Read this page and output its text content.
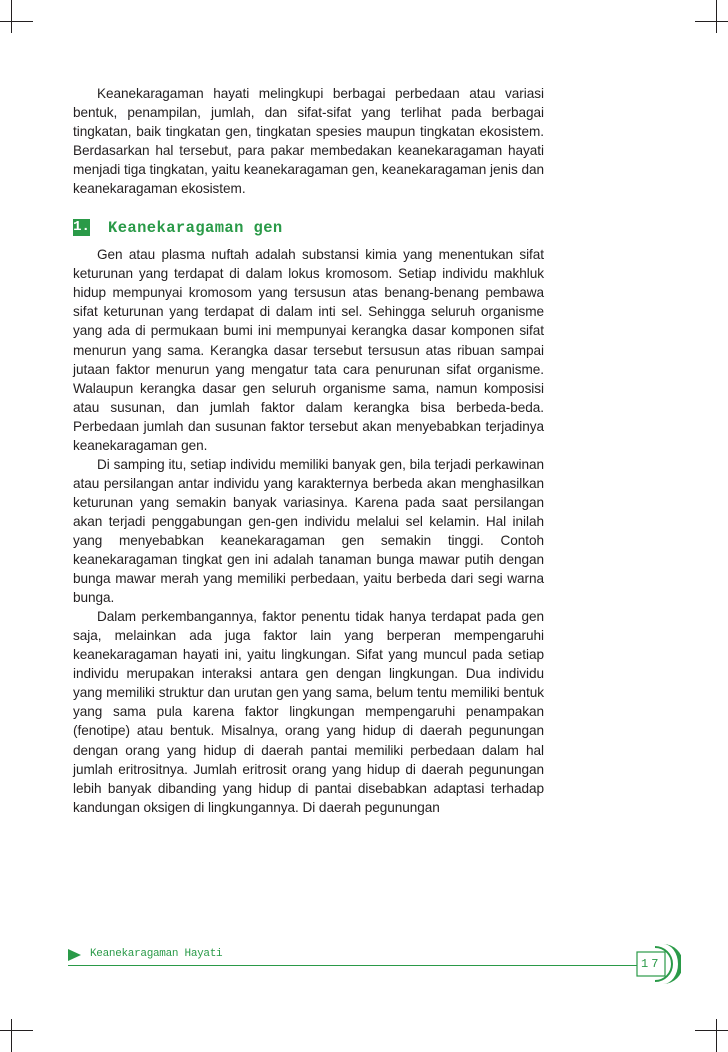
Keanekaragaman hayati melingkupi berbagai perbedaan atau variasi bentuk, penampilan, jumlah, dan sifat-sifat yang terlihat pada berbagai tingkatan, baik tingkatan gen, tingkatan spesies maupun tingkatan ekosistem. Berdasarkan hal tersebut, para pakar membedakan keanekaragaman hayati menjadi tiga tingkatan, yaitu keanekaragaman gen, keanekaragaman jenis dan keanekaragaman ekosistem.

1. Keanekaragaman gen

Gen atau plasma nuftah adalah substansi kimia yang menentukan sifat keturunan yang terdapat di dalam lokus kromosom. Setiap individu makhluk hidup mempunyai kromosom yang tersusun atas benang-benang pembawa sifat keturunan yang terdapat di dalam inti sel. Sehingga seluruh organisme yang ada di permukaan bumi ini mempunyai kerangka dasar komponen sifat menurun yang sama. Kerangka dasar tersebut tersusun atas ribuan sampai jutaan faktor menurun yang mengatur tata cara penurunan sifat organisme. Walaupun kerangka dasar gen seluruh organisme sama, namun komposisi atau susunan, dan jumlah faktor dalam kerangka bisa berbeda-beda. Perbedaan jumlah dan susunan faktor tersebut akan menyebabkan terjadinya keanekaragaman gen.

Di samping itu, setiap individu memiliki banyak gen, bila terjadi perkawinan atau persilangan antar individu yang karakternya berbeda akan menghasilkan keturunan yang semakin banyak variasinya. Karena pada saat persilangan akan terjadi penggabungan gen-gen individu melalui sel kelamin. Hal inilah yang menyebabkan keanekaragaman gen semakin tinggi. Contoh keanekaragaman tingkat gen ini adalah tanaman bunga mawar putih dengan bunga mawar merah yang memiliki perbedaan, yaitu berbeda dari segi warna bunga.

Dalam perkembangannya, faktor penentu tidak hanya terdapat pada gen saja, melainkan ada juga faktor lain yang berperan mempengaruhi keanekaragaman hayati ini, yaitu lingkungan. Sifat yang muncul pada setiap individu merupakan interaksi antara gen dengan lingkungan. Dua individu yang memiliki struktur dan urutan gen yang sama, belum tentu memiliki bentuk yang sama pula karena faktor lingkungan mempengaruhi penampakan (fenotipe) atau bentuk. Misalnya, orang yang hidup di daerah pegunungan dengan orang yang hidup di daerah pantai memiliki perbedaan dalam hal jumlah eritrositnya. Jumlah eritrosit orang yang hidup di daerah pegunungan lebih banyak dibanding yang hidup di pantai disebabkan adaptasi terhadap kandungan oksigen di lingkungannya. Di daerah pegunungan

Keanekaragaman Hayati
17
